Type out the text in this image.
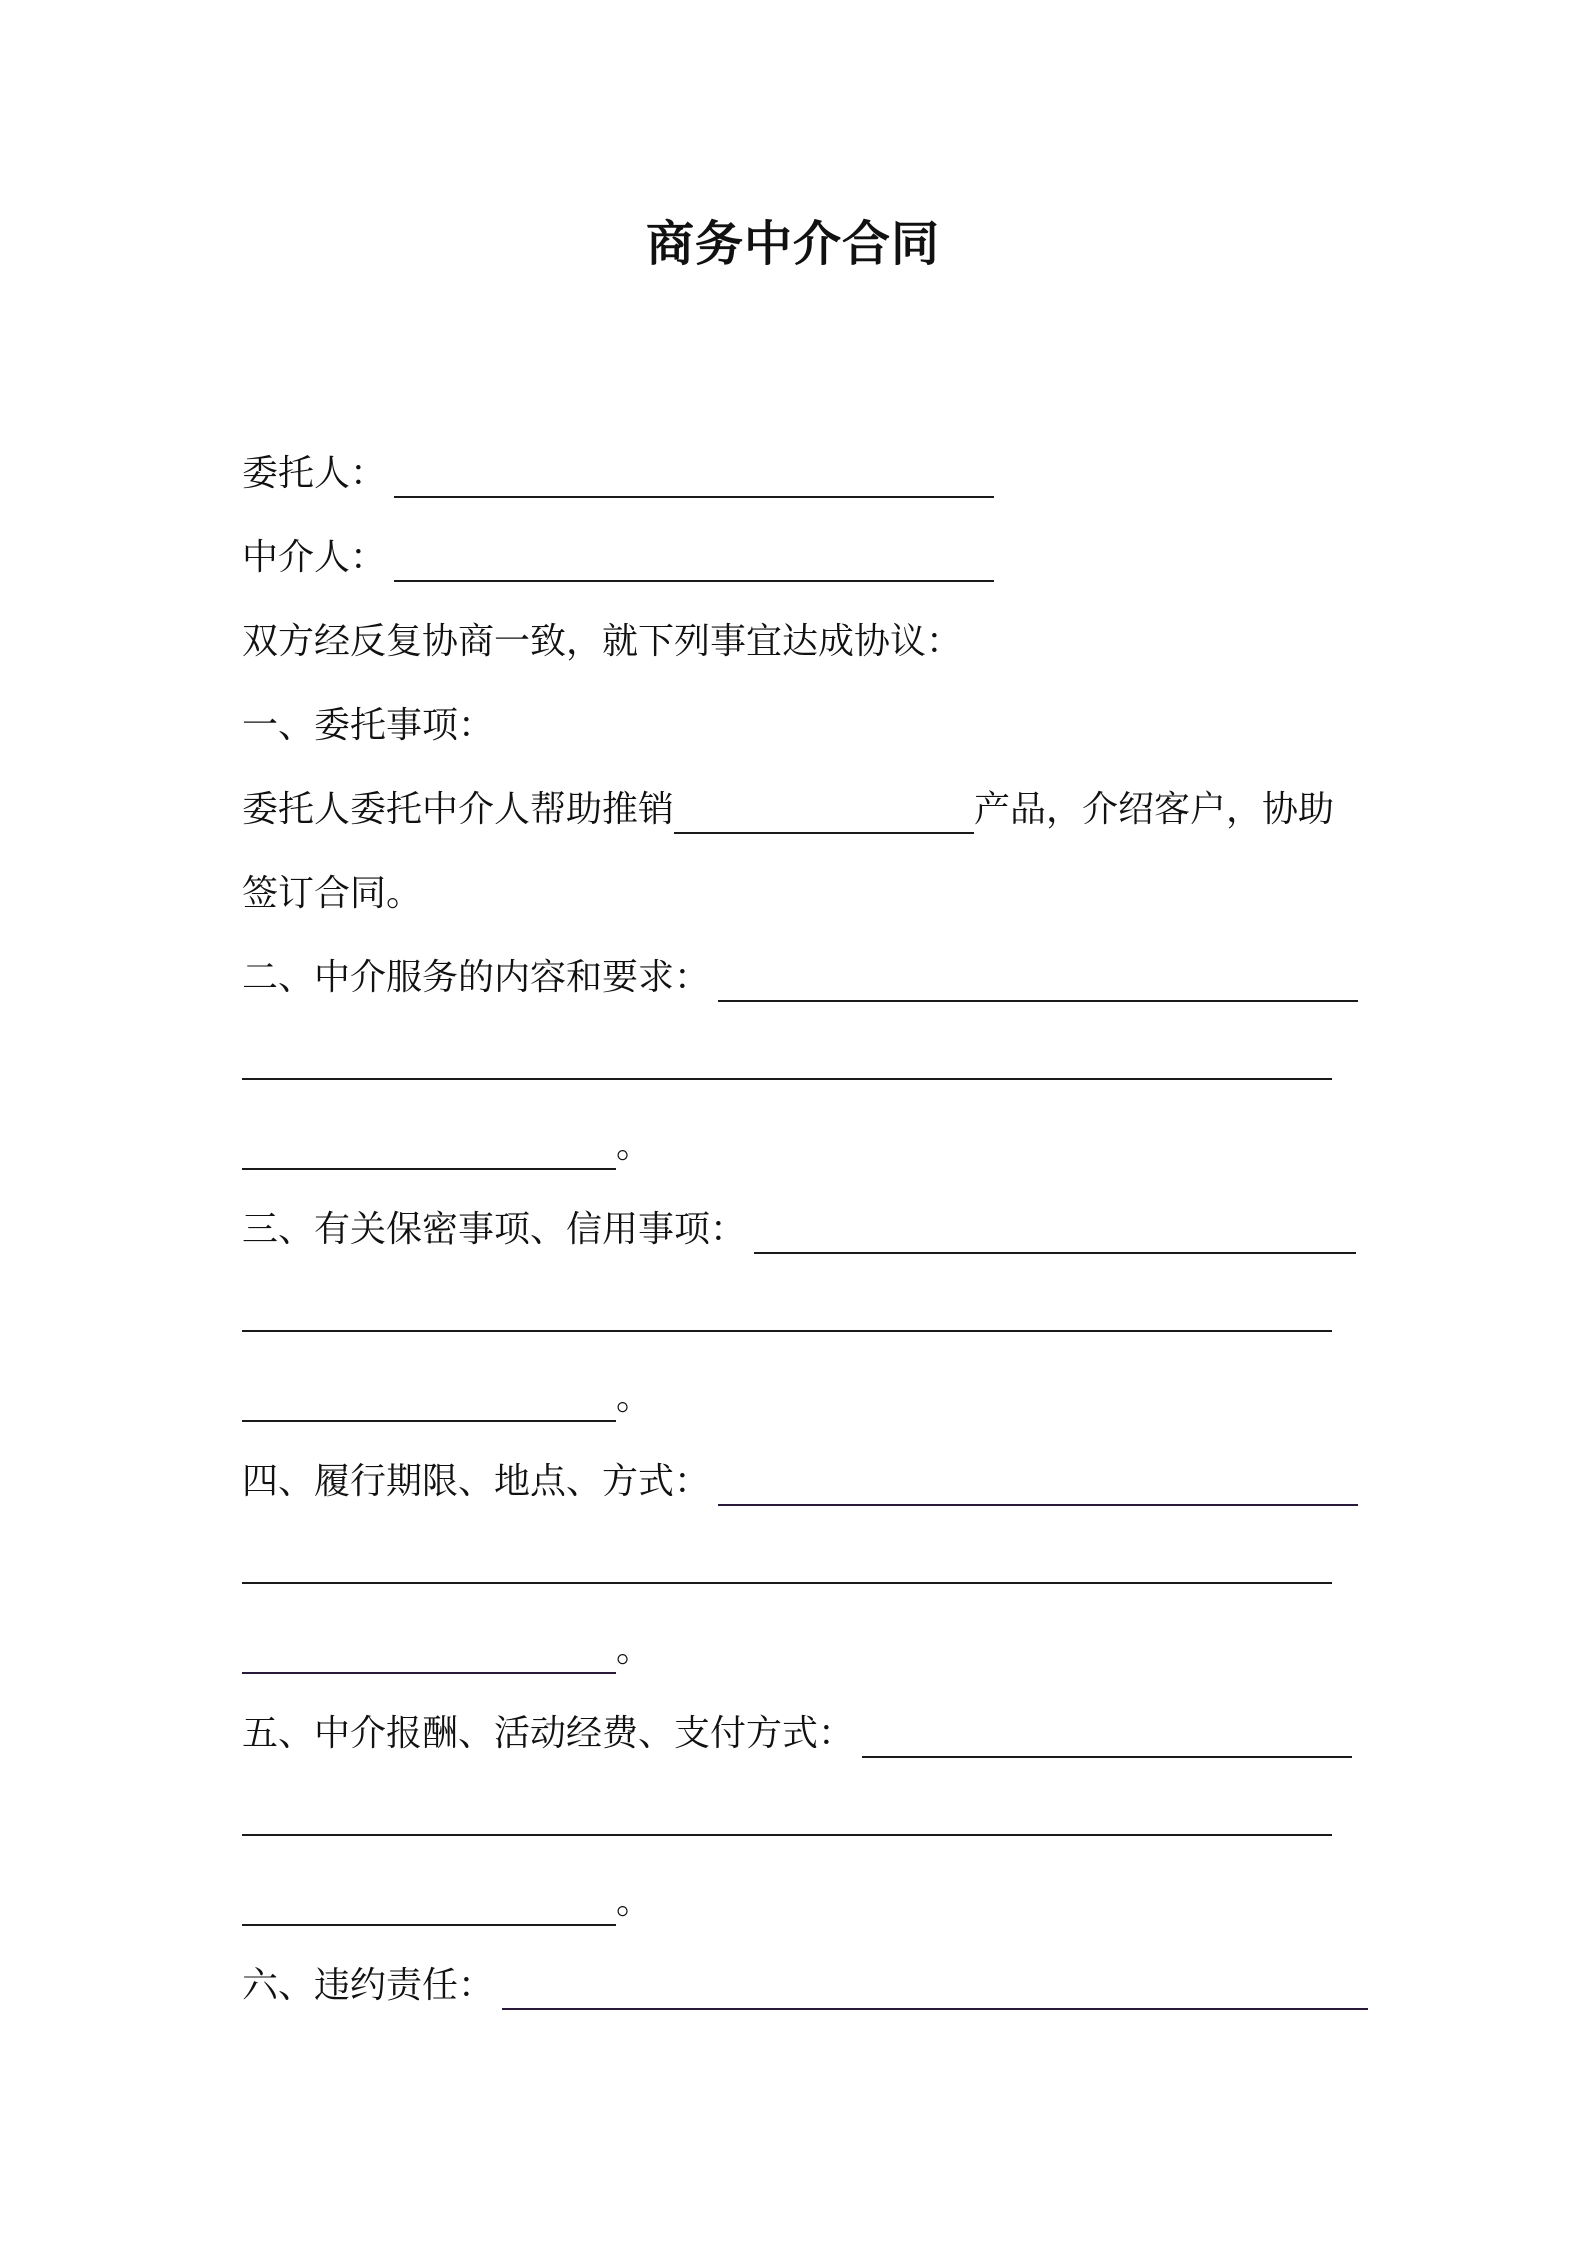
商务中介合同
委托人：
中介人：
双方经反复协商一致，就下列事宜达成协议：
一、委托事项：
委托人委托中介人帮助推销	产品，介绍客户，协助
签订合同。
二、中介服务的内容和要求：
。
三、有关保密事项、信用事项：
。
四、履行期限、地点、方式：
。
五、中介报酬、活动经费、支付方式：
。
六、违约责任：
